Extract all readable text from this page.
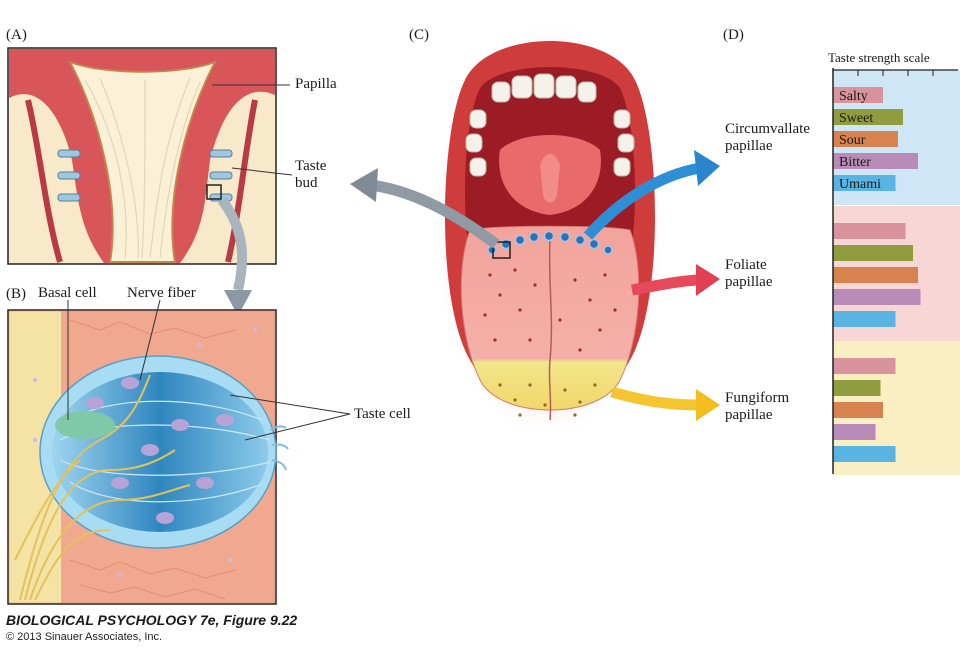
Salty
Sweet
Sour
Bitter
Umami
(A)
(B)
(C)	(D)
Papilla
Taste
bud
Basal cell Nerve fiber
Taste cell
Circumvallate
papillae
Foliate
papillae
Fungiform
papillae
Taste strength scale
BIOLOGICAL PSYCHOLOGY 7e, Figure 9.22
© 2013 Sinauer Associates, Inc.
